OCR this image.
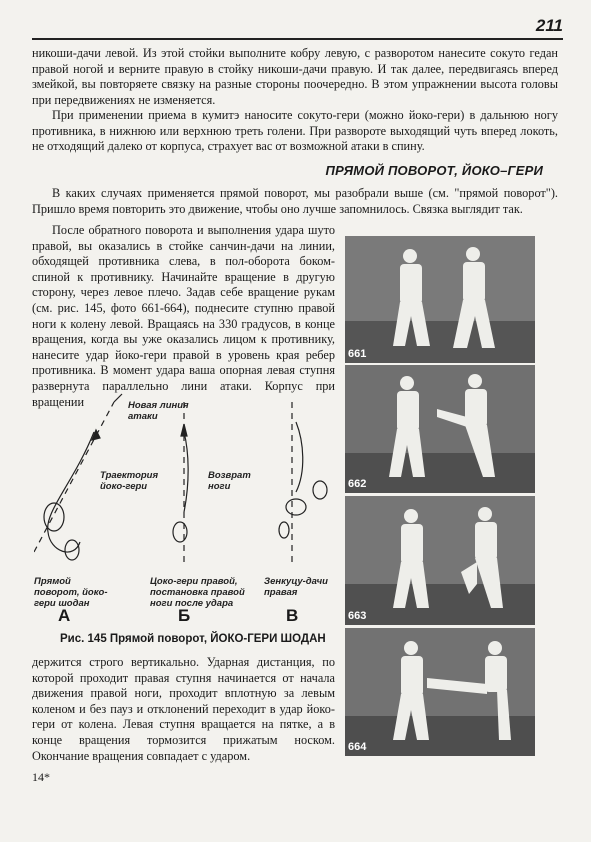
211
никоши-дачи левой. Из этой стойки выполните кобру левую, с разворотом нанесите сокуто гедан правой ногой и верните правую в стойку никоши-дачи правую. И так далее, передвигаясь вперед змейкой, вы повторяете связку на разные стороны поочередно. В этом упражнении высота головы при передвижениях не изменяется.
При применении приема в кумитэ наносите сокуто-гери (можно йоко-гери) в дальнюю ногу противника, в нижнюю или верхнюю треть голени. При развороте выходящий чуть вперед локоть, не отходящий далеко от корпуса, страхует вас от возможной атаки в спину.
ПРЯМОЙ ПОВОРОТ, ЙОКО–ГЕРИ
В каких случаях применяется прямой поворот, мы разобрали выше (см. "прямой поворот"). Пришло время повторить это движение, чтобы оно лучше запомнилось. Связка выглядит так.
После обратного поворота и выполнения удара шуто правой, вы оказались в стойке санчин-дачи на линии, обходящей противника слева, в пол-оборота боком-спиной к противнику. Начинайте вращение в другую сторону, через левое плечо. Задав себе вращение рукам (см. рис. 145, фото 661-664), поднесите ступню правой ноги к колену левой. Вращаясь на 330 градусов, в конце вращения, когда вы уже оказались лицом к противнику, нанесите удар йоко-гери правой в уровень края ребер противника. В момент удара ваша опорная левая ступня развернута параллельно лини атаки. Корпус при вращении	Новая линия атаки
Траектория йоко-гери
Возврат ноги
Прямой поворот, йоко-гери шодан
Цоко-гери правой, постановка правой ноги после удара
Зенкуцу-дачи правая
А	Б	В
Рис. 145 Прямой поворот, ЙОКО-ГЕРИ ШОДАН
держится строго вертикально. Ударная дистанция, по которой проходит правая ступня начинается от начала движения правой ноги, проходит вплотную за левым коленом и без пауз и отклонений переходит в удар йоко-гери от колена. Левая ступня вращается на пятке, а в конце вращения тормозится прижатым носком. Окончание вращения совпадает с ударом.
661
662
663
664
14*
